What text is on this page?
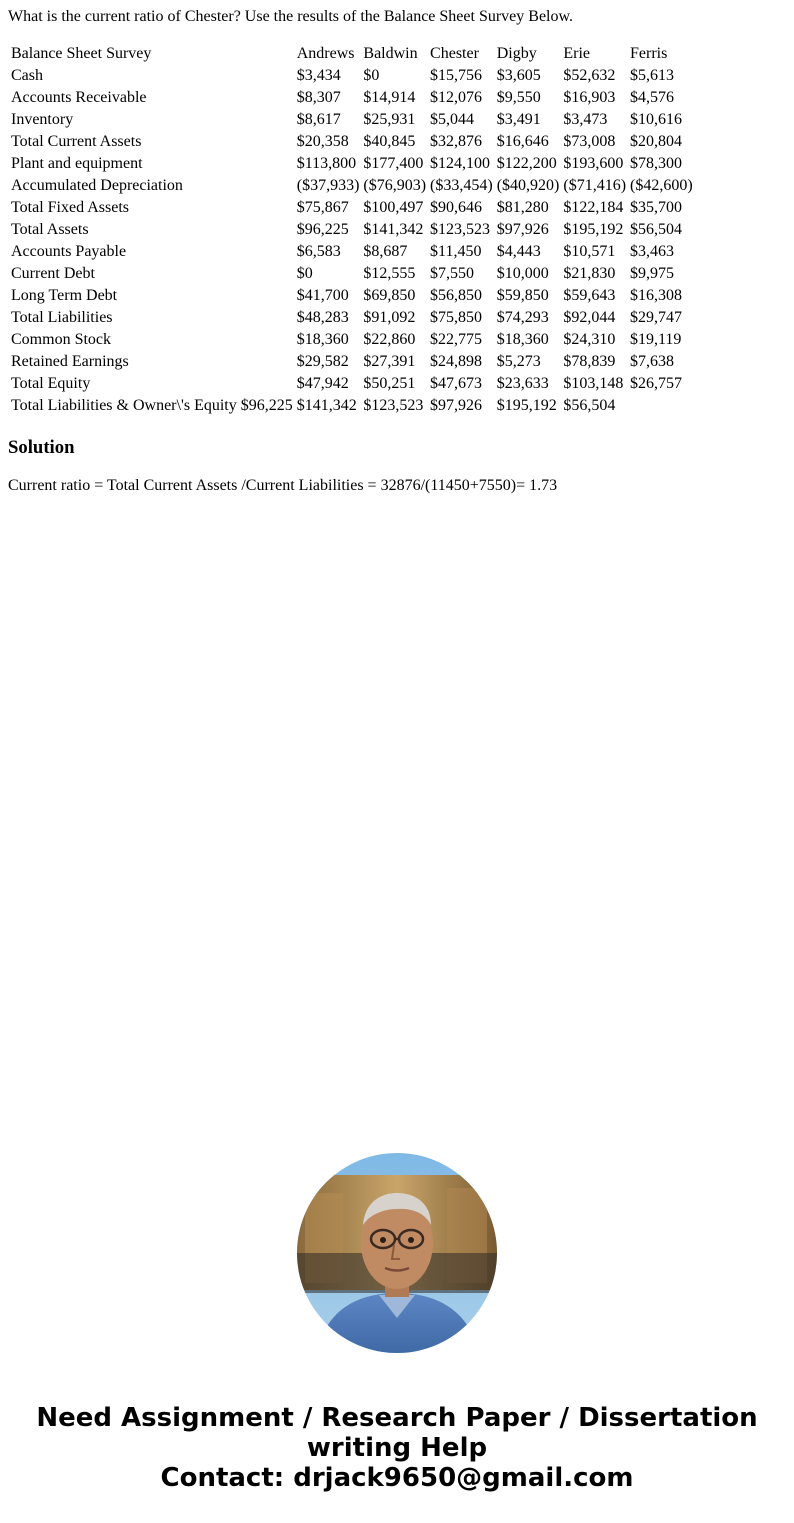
What is the current ratio of Chester? Use the results of the Balance Sheet Survey Below.

Balance Sheet Survey	Andrews	Baldwin	Chester	Digby	Erie	Ferris
Cash	$3,434	$0	$15,756	$3,605	$52,632	$5,613
Accounts Receivable	$8,307	$14,914	$12,076	$9,550	$16,903	$4,576
Inventory	$8,617	$25,931	$5,044	$3,491	$3,473	$10,616
Total Current Assets	$20,358	$40,845	$32,876	$16,646	$73,008	$20,804
Plant and equipment	$113,800	$177,400	$124,100	$122,200	$193,600	$78,300
Accumulated Depreciation	($37,933)	($76,903)	($33,454)	($40,920)	($71,416)	($42,600)
Total Fixed Assets	$75,867	$100,497	$90,646	$81,280	$122,184	$35,700
Total Assets	$96,225	$141,342	$123,523	$97,926	$195,192	$56,504
Accounts Payable	$6,583	$8,687	$11,450	$4,443	$10,571	$3,463
Current Debt	$0	$12,555	$7,550	$10,000	$21,830	$9,975
Long Term Debt	$41,700	$69,850	$56,850	$59,850	$59,643	$16,308
Total Liabilities	$48,283	$91,092	$75,850	$74,293	$92,044	$29,747
Common Stock	$18,360	$22,860	$22,775	$18,360	$24,310	$19,119
Retained Earnings	$29,582	$27,391	$24,898	$5,273	$78,839	$7,638
Total Equity	$47,942	$50,251	$47,673	$23,633	$103,148	$26,757
Total Liabilities & Owner\'s Equity $96,225	$141,342	$123,523	$97,926	$195,192	$56,504	
Solution

Current ratio = Total Current Assets /Current Liabilities = 32876/(11450+7550)= 1.73

Need Assignment / Research Paper / Dissertation
writing Help
Contact: drjack9650@gmail.com
